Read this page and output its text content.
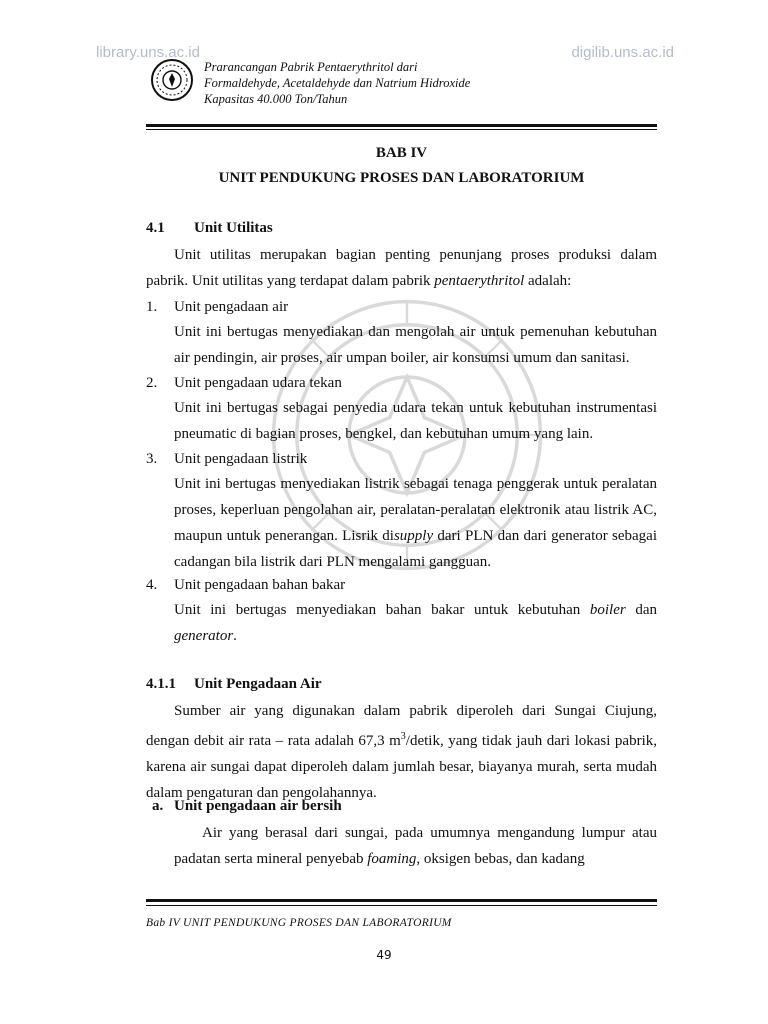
library.uns.ac.id	digilib.uns.ac.id
Prarancangan Pabrik Pentaerythritol dari
Formaldehyde, Acetaldehyde dan Natrium Hidroxide
Kapasitas 40.000 Ton/Tahun
BAB IV
UNIT PENDUKUNG PROSES DAN LABORATORIUM
4.1 Unit Utilitas
Unit utilitas merupakan bagian penting penunjang proses produksi dalam pabrik. Unit utilitas yang terdapat dalam pabrik pentaerythritol adalah:
1. Unit pengadaan air
Unit ini bertugas menyediakan dan mengolah air untuk pemenuhan kebutuhan air pendingin, air proses, air umpan boiler, air konsumsi umum dan sanitasi.
2. Unit pengadaan udara tekan
Unit ini bertugas sebagai penyedia udara tekan untuk kebutuhan instrumentasi pneumatic di bagian proses, bengkel, dan kebutuhan umum yang lain.
3. Unit pengadaan listrik
Unit ini bertugas menyediakan listrik sebagai tenaga penggerak untuk peralatan proses, keperluan pengolahan air, peralatan-peralatan elektronik atau listrik AC, maupun untuk penerangan. Lisrik disupply dari PLN dan dari generator sebagai cadangan bila listrik dari PLN mengalami gangguan.
4. Unit pengadaan bahan bakar
Unit ini bertugas menyediakan bahan bakar untuk kebutuhan boiler dan generator.
4.1.1 Unit Pengadaan Air
Sumber air yang digunakan dalam pabrik diperoleh dari Sungai Ciujung, dengan debit air rata – rata adalah 67,3 $m^3$/detik, yang tidak jauh dari lokasi pabrik, karena air sungai dapat diperoleh dalam jumlah besar, biayanya murah, serta mudah dalam pengaturan dan pengolahannya.
a. Unit pengadaan air bersih
Air yang berasal dari sungai, pada umumnya mengandung lumpur atau padatan serta mineral penyebab foaming, oksigen bebas, dan kadang
Bab IV UNIT PENDUKUNG PROSES DAN LABORATORIUM
49
